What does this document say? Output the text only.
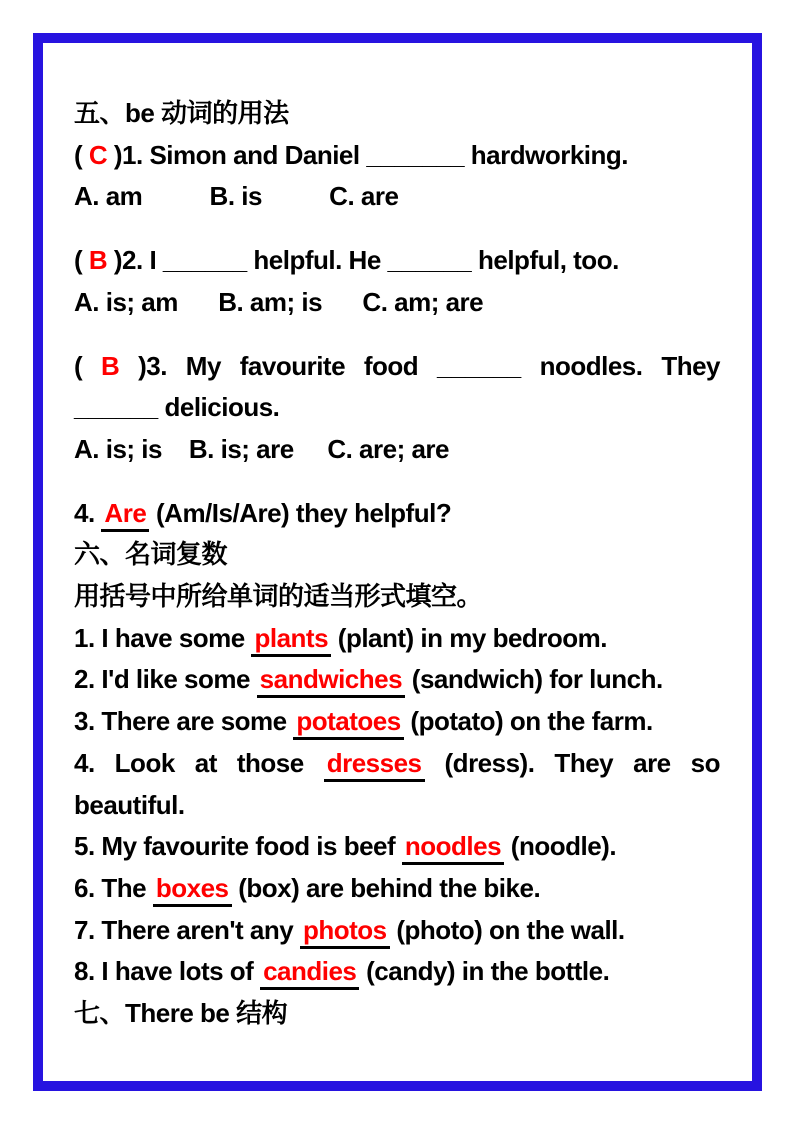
五、be 动词的用法
( C )1. Simon and Daniel _______ hardworking.
A. am          B. is          C. are
( B )2. I ______ helpful. He ______ helpful, too.
A. is; am      B. am; is      C. am; are
( B )3. My favourite food ______ noodles. They
______ delicious.
A. is; is    B. is; are     C. are; are
4. Are (Am/Is/Are) they helpful?
六、名词复数
用括号中所给单词的适当形式填空。
1. I have some plants (plant) in my bedroom.
2. I'd like some sandwiches (sandwich) for lunch.
3. There are some potatoes (potato) on the farm.
4. Look at those dresses (dress). They are so
beautiful.
5. My favourite food is beef noodles (noodle).
6. The boxes (box) are behind the bike.
7. There aren't any photos (photo) on the wall.
8. I have lots of candies (candy) in the bottle.
七、There be 结构
